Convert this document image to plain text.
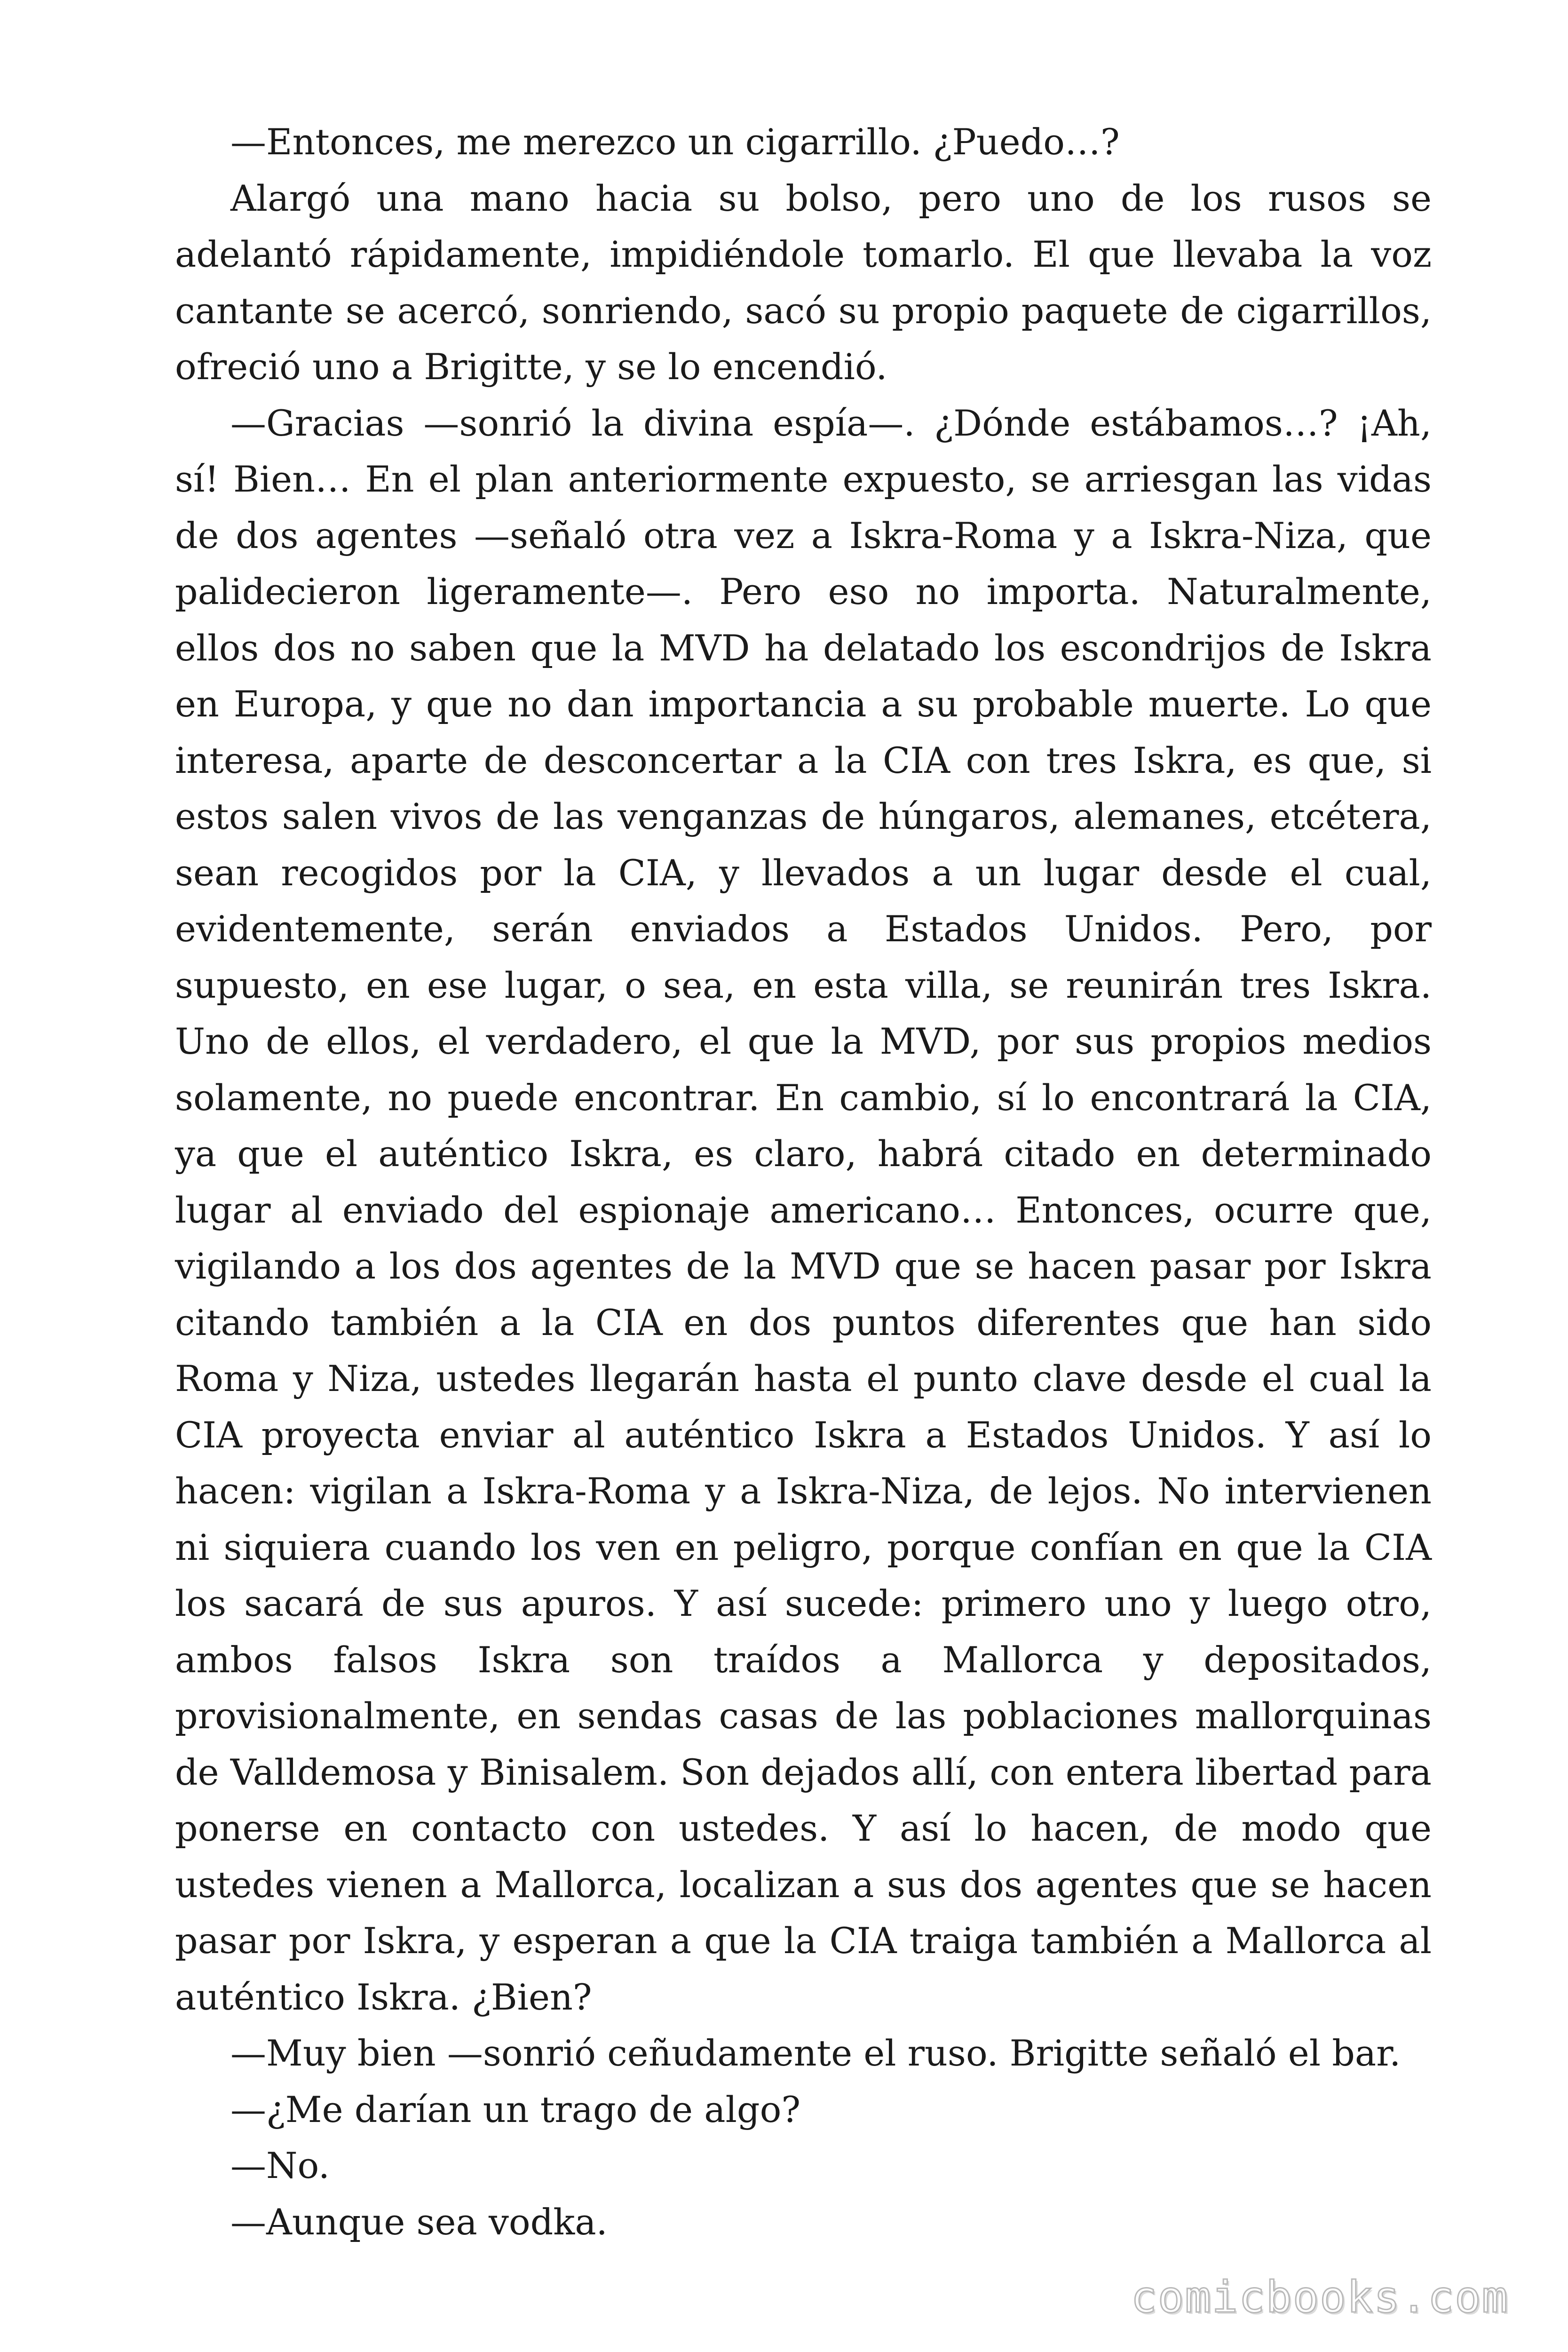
—Entonces, me merezco un cigarrillo. ¿Puedo…?

Alargó una mano hacia su bolso, pero uno de los rusos se adelantó rápidamente, impidiéndole tomarlo. El que llevaba la voz cantante se acercó, sonriendo, sacó su propio paquete de cigarrillos, ofreció uno a Brigitte, y se lo encendió.

—Gracias —sonrió la divina espía—. ¿Dónde estábamos…? ¡Ah, sí! Bien… En el plan anteriormente expuesto, se arriesgan las vidas de dos agentes —señaló otra vez a Iskra-Roma y a Iskra-Niza, que palidecieron ligeramente—. Pero eso no importa. Naturalmente, ellos dos no saben que la MVD ha delatado los escondrijos de Iskra en Europa, y que no dan importancia a su probable muerte. Lo que interesa, aparte de desconcertar a la CIA con tres Iskra, es que, si estos salen vivos de las venganzas de húngaros, alemanes, etcétera, sean recogidos por la CIA, y llevados a un lugar desde el cual, evidentemente, serán enviados a Estados Unidos. Pero, por supuesto, en ese lugar, o sea, en esta villa, se reunirán tres Iskra. Uno de ellos, el verdadero, el que la MVD, por sus propios medios solamente, no puede encontrar. En cambio, sí lo encontrará la CIA, ya que el auténtico Iskra, es claro, habrá citado en determinado lugar al enviado del espionaje americano… Entonces, ocurre que, vigilando a los dos agentes de la MVD que se hacen pasar por Iskra citando también a la CIA en dos puntos diferentes que han sido Roma y Niza, ustedes llegarán hasta el punto clave desde el cual la CIA proyecta enviar al auténtico Iskra a Estados Unidos. Y así lo hacen: vigilan a Iskra-Roma y a Iskra-Niza, de lejos. No intervienen ni siquiera cuando los ven en peligro, porque confían en que la CIA los sacará de sus apuros. Y así sucede: primero uno y luego otro, ambos falsos Iskra son traídos a Mallorca y depositados, provisionalmente, en sendas casas de las poblaciones mallorquinas de Valldemosa y Binisalem. Son dejados allí, con entera libertad para ponerse en contacto con ustedes. Y así lo hacen, de modo que ustedes vienen a Mallorca, localizan a sus dos agentes que se hacen pasar por Iskra, y esperan a que la CIA traiga también a Mallorca al auténtico Iskra. ¿Bien?

—Muy bien —sonrió ceñudamente el ruso. Brigitte señaló el bar.

—¿Me darían un trago de algo?

—No.

—Aunque sea vodka.

comicbooks.com
